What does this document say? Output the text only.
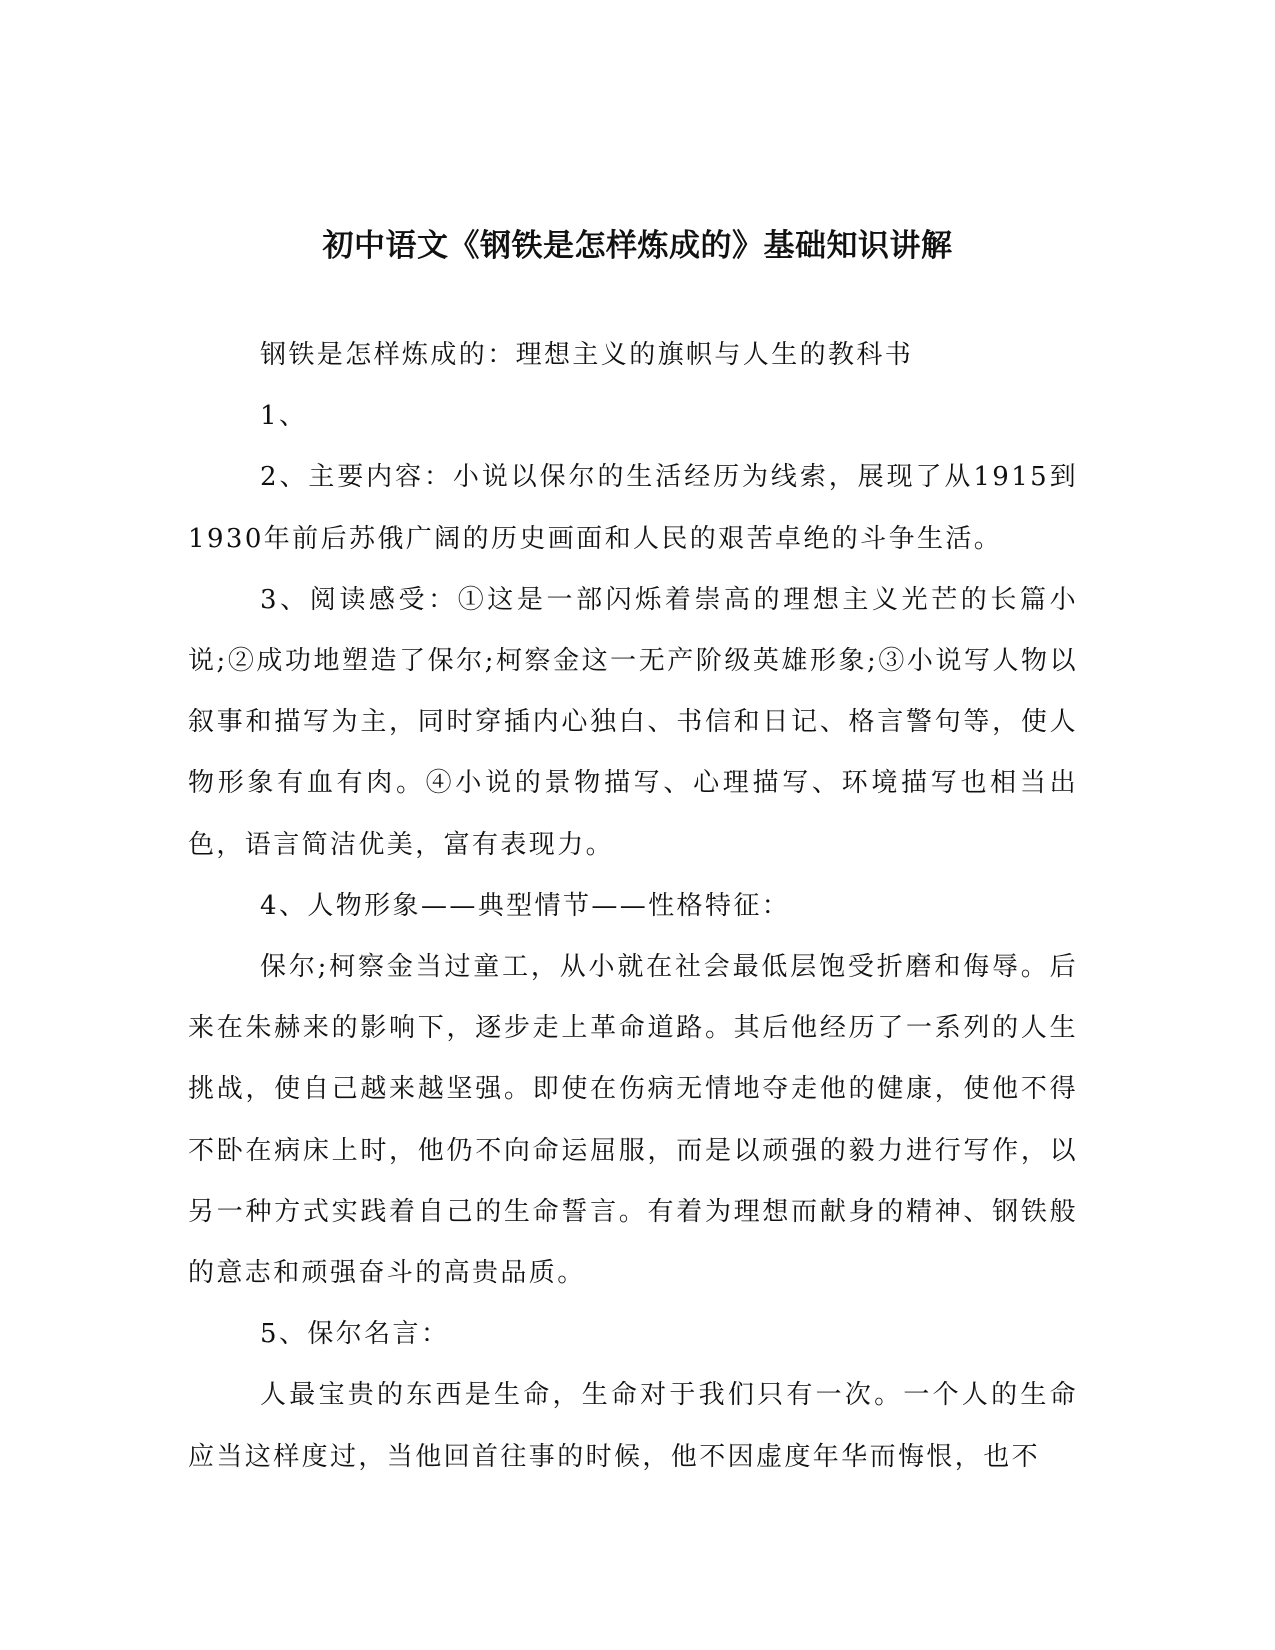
初中语文《钢铁是怎样炼成的》基础知识讲解

钢铁是怎样炼成的：理想主义的旗帜与人生的教科书

1、

2、主要内容：小说以保尔的生活经历为线索，展现了从1915到1930年前后苏俄广阔的历史画面和人民的艰苦卓绝的斗争生活。

3、阅读感受：①这是一部闪烁着崇高的理想主义光芒的长篇小说;②成功地塑造了保尔;柯察金这一无产阶级英雄形象;③小说写人物以叙事和描写为主，同时穿插内心独白、书信和日记、格言警句等，使人物形象有血有肉。④小说的景物描写、心理描写、环境描写也相当出色，语言简洁优美，富有表现力。

4、人物形象——典型情节——性格特征：

保尔;柯察金当过童工，从小就在社会最低层饱受折磨和侮辱。后来在朱赫来的影响下，逐步走上革命道路。其后他经历了一系列的人生挑战，使自己越来越坚强。即使在伤病无情地夺走他的健康，使他不得不卧在病床上时，他仍不向命运屈服，而是以顽强的毅力进行写作，以另一种方式实践着自己的生命誓言。有着为理想而献身的精神、钢铁般的意志和顽强奋斗的高贵品质。

5、保尔名言：

人最宝贵的东西是生命，生命对于我们只有一次。一个人的生命应当这样度过，当他回首往事的时候，他不因虚度年华而悔恨，也不
